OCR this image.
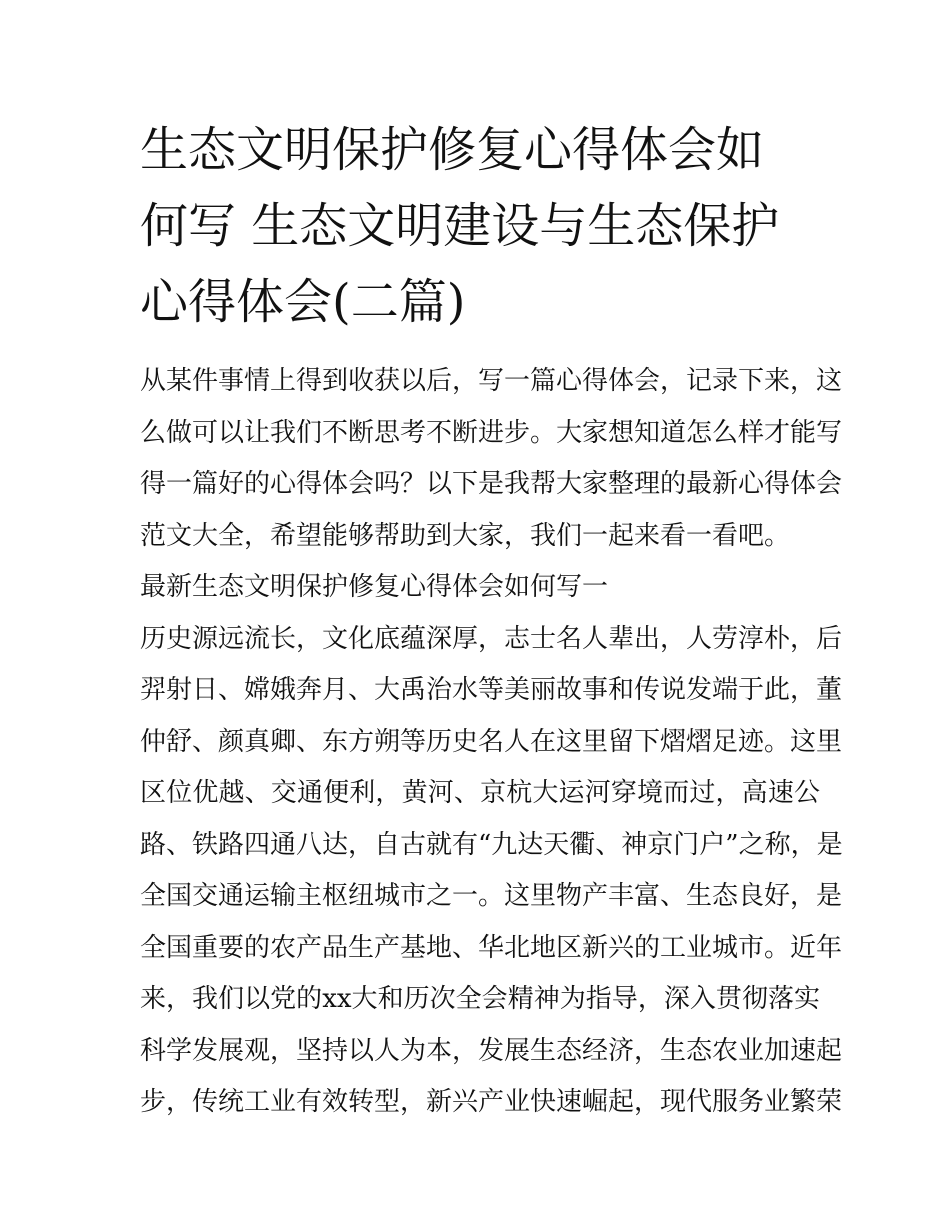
生态文明保护修复心得体会如
何写 生态文明建设与生态保护
心得体会(二篇)
从某件事情上得到收获以后，写一篇心得体会，记录下来，这
么做可以让我们不断思考不断进步。大家想知道怎么样才能写
得一篇好的心得体会吗？以下是我帮大家整理的最新心得体会
范文大全，希望能够帮助到大家，我们一起来看一看吧。
最新生态文明保护修复心得体会如何写一
历史源远流长，文化底蕴深厚，志士名人辈出，人劳淳朴，后
羿射日、嫦娥奔月、大禹治水等美丽故事和传说发端于此，董
仲舒、颜真卿、东方朔等历史名人在这里留下熠熠足迹。这里
区位优越、交通便利，黄河、京杭大运河穿境而过，高速公
路、铁路四通八达，自古就有“九达天衢、神京门户”之称，是
全国交通运输主枢纽城市之一。这里物产丰富、生态良好，是
全国重要的农产品生产基地、华北地区新兴的工业城市。近年
来，我们以党的xx大和历次全会精神为指导，深入贯彻落实
科学发展观，坚持以人为本，发展生态经济，生态农业加速起
步，传统工业有效转型，新兴产业快速崛起，现代服务业繁荣
